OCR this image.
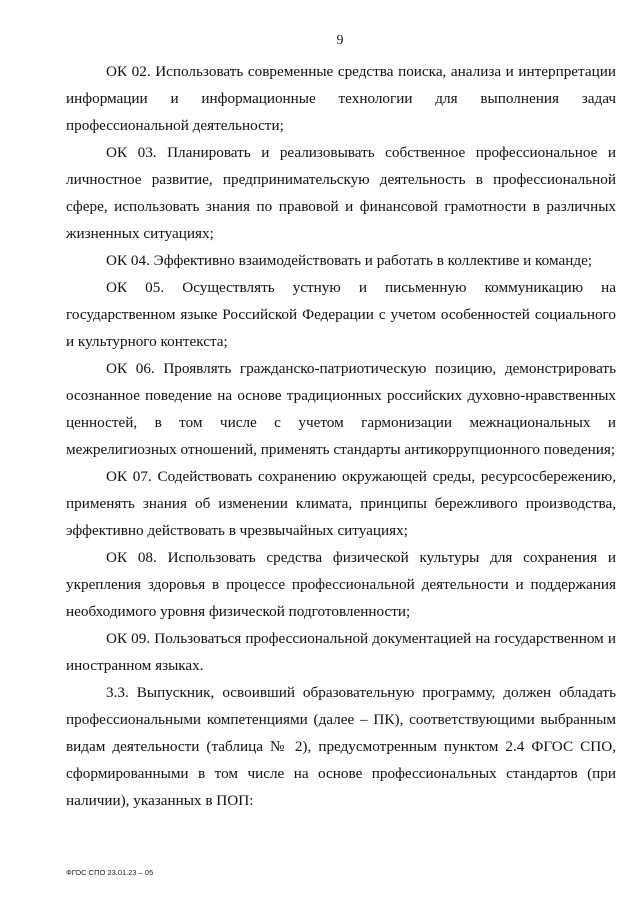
9

ОК 02. Использовать современные средства поиска, анализа и интерпретации информации и информационные технологии для выполнения задач профессиональной деятельности;

ОК 03. Планировать и реализовывать собственное профессиональное и личностное развитие, предпринимательскую деятельность в профессиональной сфере, использовать знания по правовой и финансовой грамотности в различных жизненных ситуациях;

ОК 04. Эффективно взаимодействовать и работать в коллективе и команде;

ОК 05. Осуществлять устную и письменную коммуникацию на государственном языке Российской Федерации с учетом особенностей социального и культурного контекста;

ОК 06. Проявлять гражданско-патриотическую позицию, демонстрировать осознанное поведение на основе традиционных российских духовно-нравственных ценностей, в том числе с учетом гармонизации межнациональных и межрелигиозных отношений, применять стандарты антикоррупционного поведения;

ОК 07. Содействовать сохранению окружающей среды, ресурсосбережению, применять знания об изменении климата, принципы бережливого производства, эффективно действовать в чрезвычайных ситуациях;

ОК 08. Использовать средства физической культуры для сохранения и укрепления здоровья в процессе профессиональной деятельности и поддержания необходимого уровня физической подготовленности;

ОК 09. Пользоваться профессиональной документацией на государственном и иностранном языках.

3.3. Выпускник, освоивший образовательную программу, должен обладать профессиональными компетенциями (далее – ПК), соответствующими выбранным видам деятельности (таблица № 2), предусмотренным пунктом 2.4 ФГОС СПО, сформированными в том числе на основе профессиональных стандартов (при наличии), указанных в ПОП:

ФГОС СПО 23.01.23 – 05
